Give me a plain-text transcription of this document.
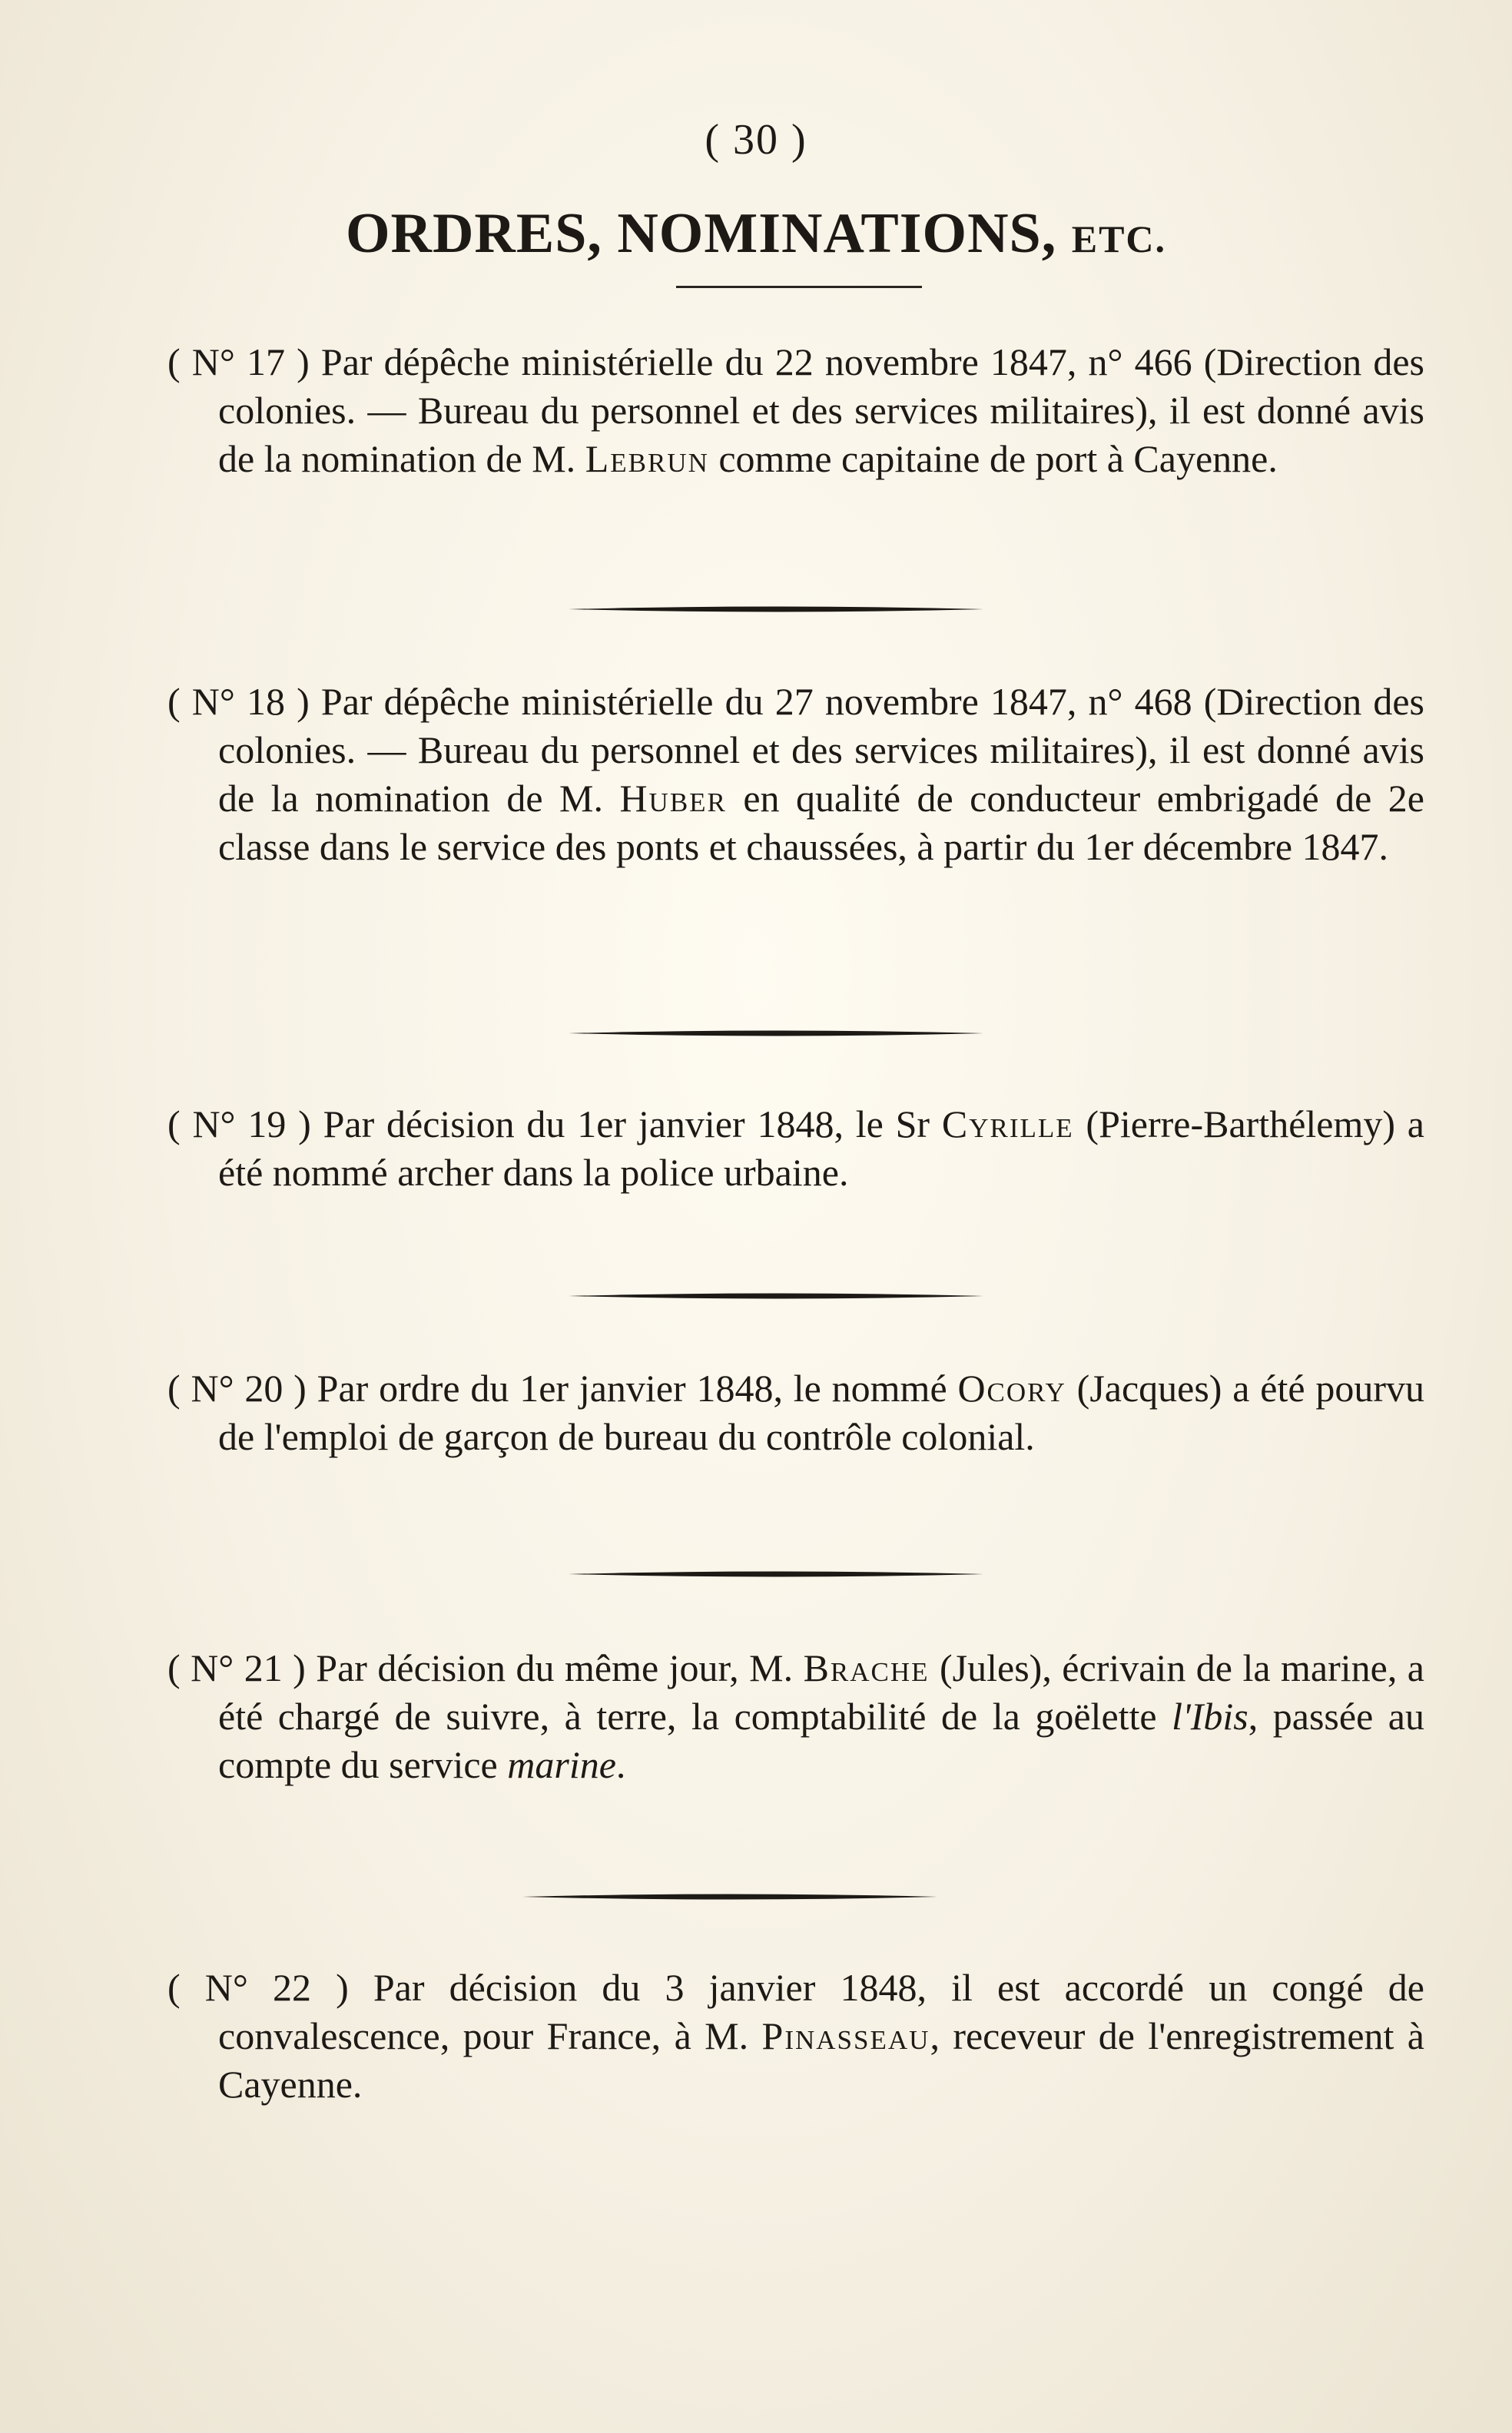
( 30 )
ORDRES, NOMINATIONS, ETC.
( N° 17 ) Par dépêche ministérielle du 22 novembre 1847, n° 466 (Direction des colonies. — Bureau du personnel et des services militaires), il est donné avis de la nomination de M. Lebrun comme capitaine de port à Cayenne.
( N° 18 ) Par dépêche ministérielle du 27 novembre 1847, n° 468 (Direction des colonies. — Bureau du personnel et des services militaires), il est donné avis de la nomination de M. Huber en qualité de conducteur embrigadé de 2e classe dans le service des ponts et chaussées, à partir du 1er décembre 1847.
( N° 19 ) Par décision du 1er janvier 1848, le Sr Cyrille (Pierre-Barthélemy) a été nommé archer dans la police urbaine.
( N° 20 ) Par ordre du 1er janvier 1848, le nommé Ocory (Jacques) a été pourvu de l'emploi de garçon de bureau du contrôle colonial.
( N° 21 ) Par décision du même jour, M. Brache (Jules), écrivain de la marine, a été chargé de suivre, à terre, la comptabilité de la goëlette l'Ibis, passée au compte du service marine.
( N° 22 ) Par décision du 3 janvier 1848, il est accordé un congé de convalescence, pour France, à M. Pinasseau, receveur de l'enregistrement à Cayenne.
